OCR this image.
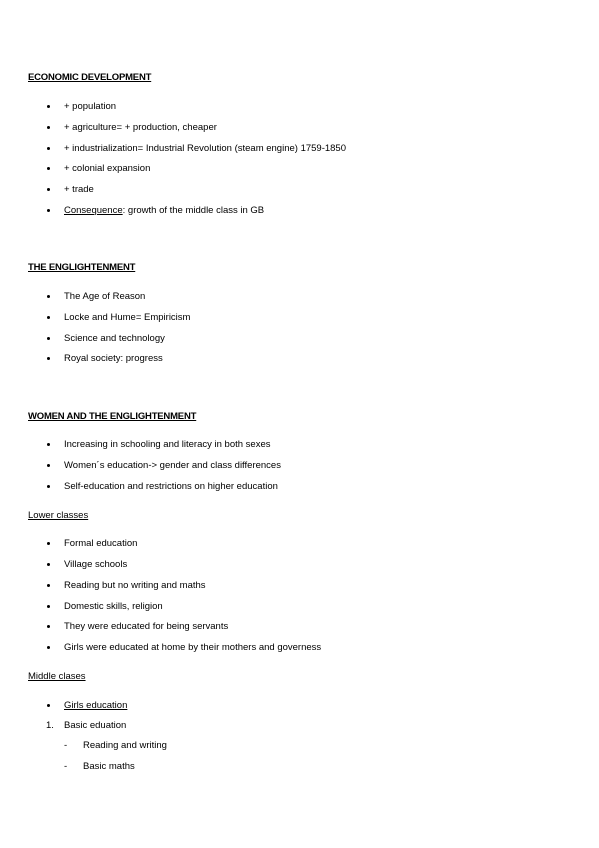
ECONOMIC DEVELOPMENT
+ population
+ agriculture= + production, cheaper
+ industrialization= Industrial Revolution (steam engine) 1759-1850
+ colonial expansion
+ trade
Consequence: growth of the middle class in GB
THE ENGLIGHTENMENT
The Age of Reason
Locke and Hume= Empiricism
Science and technology
Royal society: progress
WOMEN AND THE ENGLIGHTENMENT
Increasing in schooling and literacy in both sexes
Women´s education-> gender and class differences
Self-education and restrictions on higher education
Lower classes
Formal education
Village schools
Reading but no writing and maths
Domestic skills, religion
They were educated for being servants
Girls were educated at home by their mothers and governess
Middle clases
Girls education
1. Basic eduation
- Reading and writing
- Basic maths
